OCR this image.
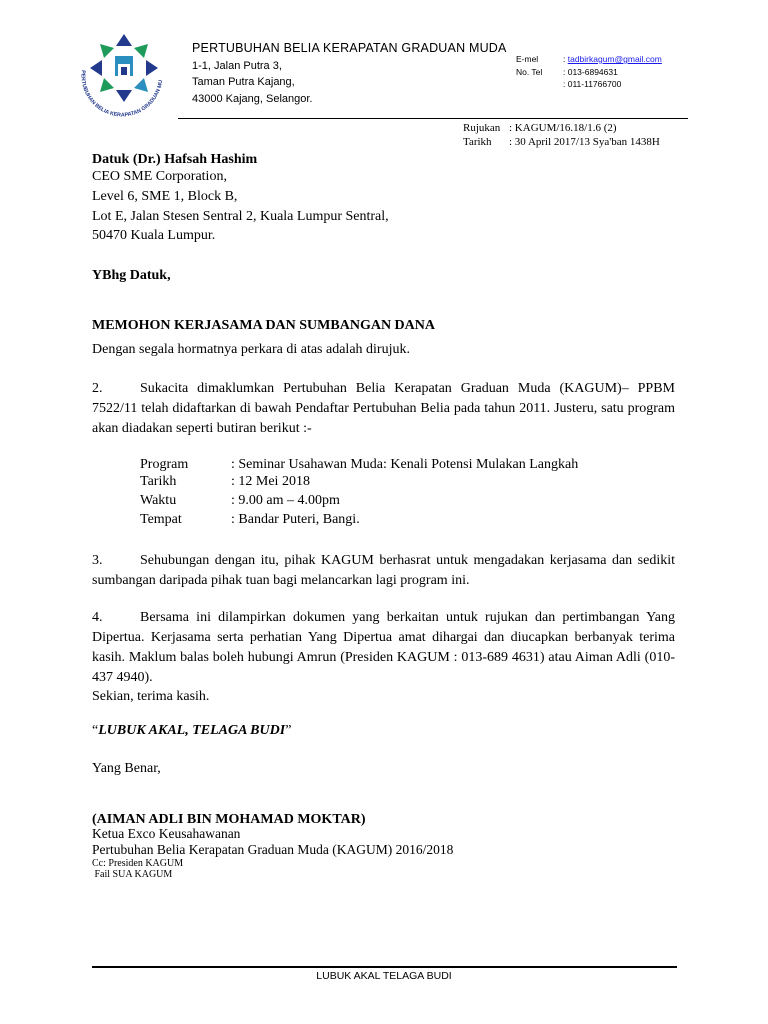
PERTUBUHAN BELIA KERAPATAN GRADUAN MU
PERTUBUHAN BELIA KERAPATAN GRADUAN MUDA
1-1, Jalan Putra 3,
Taman Putra Kajang,
43000 Kajang, Selangor.
E-mel	: tadbirkagum@gmail.com
No. Tel : 013-6894631
: 011-11766700
Rujukan : KAGUM/16.18/1.6 (2)
Tarikh : 30 April 2017/13 Sya'ban 1438H
Datuk (Dr.) Hafsah Hashim
CEO SME Corporation,
Level 6, SME 1, Block B,
Lot E, Jalan Stesen Sentral 2, Kuala Lumpur Sentral,
50470 Kuala Lumpur.
YBhg Datuk,
MEMOHON KERJASAMA DAN SUMBANGAN DANA
Dengan segala hormatnya perkara di atas adalah dirujuk.
2.	Sukacita dimaklumkan Pertubuhan Belia Kerapatan Graduan Muda (KAGUM)– PPBM 7522/11 telah didaftarkan di bawah Pendaftar Pertubuhan Belia pada tahun 2011. Justeru, satu program akan diadakan seperti butiran berikut :-
Program	: Seminar Usahawan Muda: Kenali Potensi Mulakan Langkah
Tarikh	: 12 Mei 2018
Waktu	: 9.00 am – 4.00pm
Tempat	: Bandar Puteri, Bangi.
3.	Sehubungan dengan itu, pihak KAGUM berhasrat untuk mengadakan kerjasama dan sedikit sumbangan daripada pihak tuan bagi melancarkan lagi program ini.
4.	Bersama ini dilampirkan dokumen yang berkaitan untuk rujukan dan pertimbangan Yang Dipertua. Kerjasama serta perhatian Yang Dipertua amat dihargai dan diucapkan berbanyak terima kasih. Maklum balas boleh hubungi Amrun (Presiden KAGUM : 013-689 4631) atau Aiman Adli (010-437 4940).
Sekian, terima kasih.
“LUBUK AKAL, TELAGA BUDI”
Yang Benar,
(AIMAN ADLI BIN MOHAMAD MOKTAR)
Ketua Exco Keusahawanan
Pertubuhan Belia Kerapatan Graduan Muda (KAGUM) 2016/2018
Cc: Presiden KAGUM
Fail SUA KAGUM
LUBUK AKAL TELAGA BUDI
